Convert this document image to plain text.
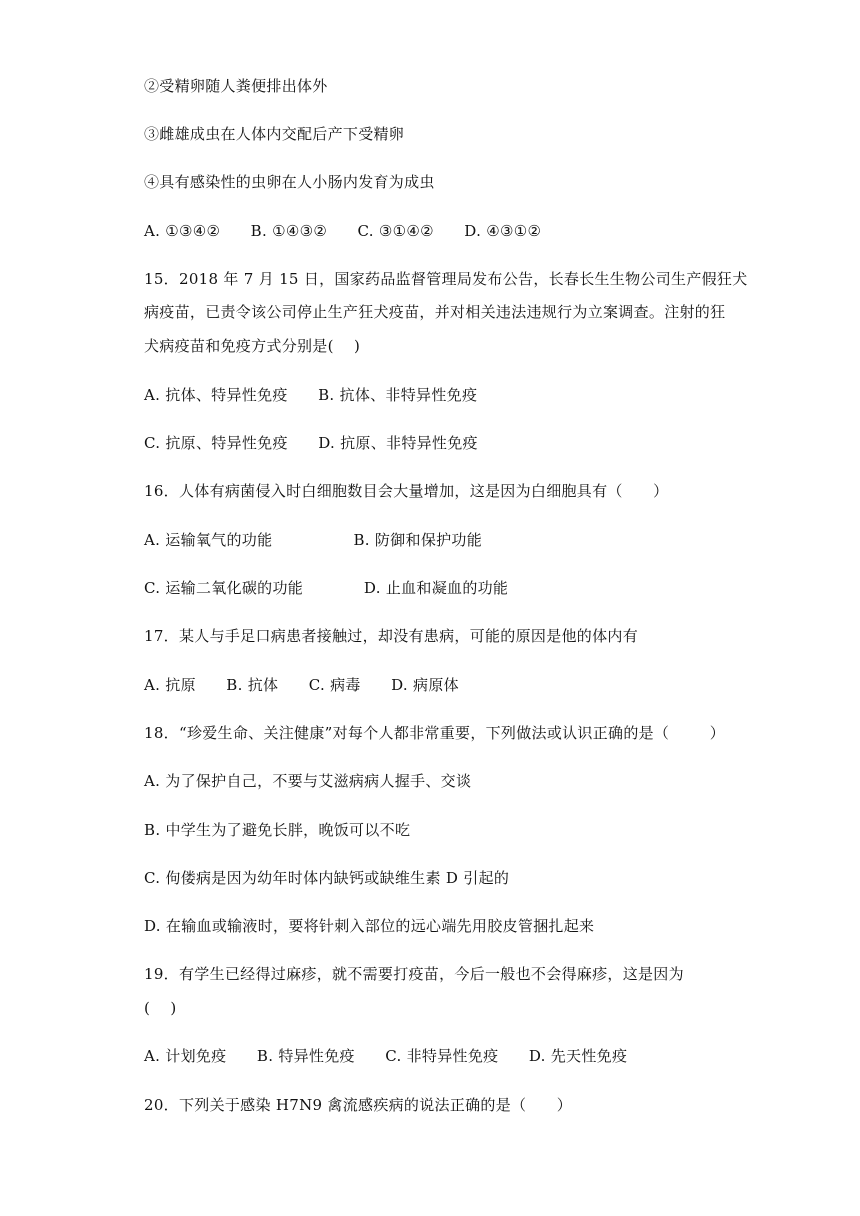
②受精卵随人粪便排出体外
③雌雄成虫在人体内交配后产下受精卵
④具有感染性的虫卵在人小肠内发育为成虫
A. ①③④②      B. ①④③②      C. ③①④②      D. ④③①②
15．2018 年 7 月 15 日，国家药品监督管理局发布公告，长春长生生物公司生产假狂犬
病疫苗，已责令该公司停止生产狂犬疫苗，并对相关违法违规行为立案调查。注射的狂
犬病疫苗和免疫方式分别是(    )
A. 抗体、特异性免疫      B. 抗体、非特异性免疫
C. 抗原、特异性免疫      D. 抗原、非特异性免疫
16．人体有病菌侵入时白细胞数目会大量增加，这是因为白细胞具有（      ）
A. 运输氧气的功能                B. 防御和保护功能
C. 运输二氧化碳的功能            D. 止血和凝血的功能
17．某人与手足口病患者接触过，却没有患病，可能的原因是他的体内有
A. 抗原      B. 抗体      C. 病毒      D. 病原体
18．“珍爱生命、关注健康”对每个人都非常重要，下列做法或认识正确的是（        ）
A. 为了保护自己，不要与艾滋病病人握手、交谈
B. 中学生为了避免长胖，晚饭可以不吃
C. 佝偻病是因为幼年时体内缺钙或缺维生素 D 引起的
D. 在输血或输液时，要将针刺入部位的远心端先用胶皮管捆扎起来
19．有学生已经得过麻疹，就不需要打疫苗，今后一般也不会得麻疹，这是因为
(    )
A. 计划免疫      B. 特异性免疫      C. 非特异性免疫      D. 先天性免疫
20．下列关于感染 H7N9 禽流感疾病的说法正确的是（      ）
